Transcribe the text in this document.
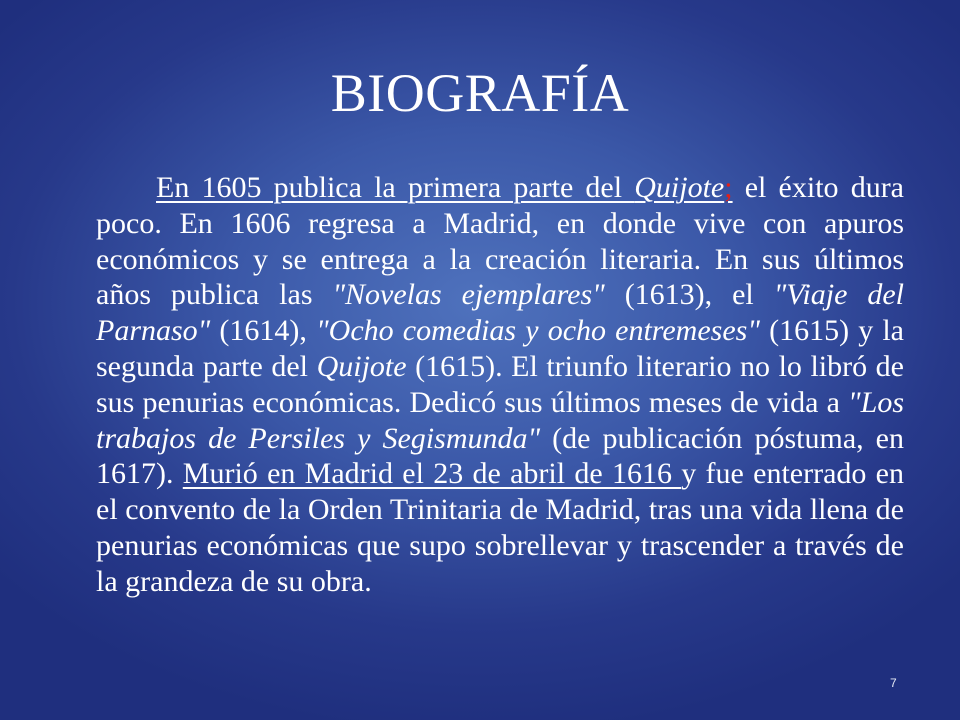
BIOGRAFÍA

  En 1605 publica la primera parte del Quijote; el éxito dura poco. En 1606 regresa a Madrid, en donde vive con apuros económicos y se entrega a la creación literaria. En sus últimos años publica las "Novelas ejemplares" (1613), el "Viaje del Parnaso" (1614), "Ocho comedias y ocho entremeses" (1615) y la segunda parte del Quijote (1615). El triunfo literario no lo libró de sus penurias económicas. Dedicó sus últimos meses de vida a "Los trabajos de Persiles y Segismunda" (de publicación póstuma, en 1617). Murió en Madrid el 23 de abril de 1616 y fue enterrado en el convento de la Orden Trinitaria de Madrid, tras una vida llena de penurias económicas que supo sobrellevar y trascender a través de la grandeza de su obra.

7
